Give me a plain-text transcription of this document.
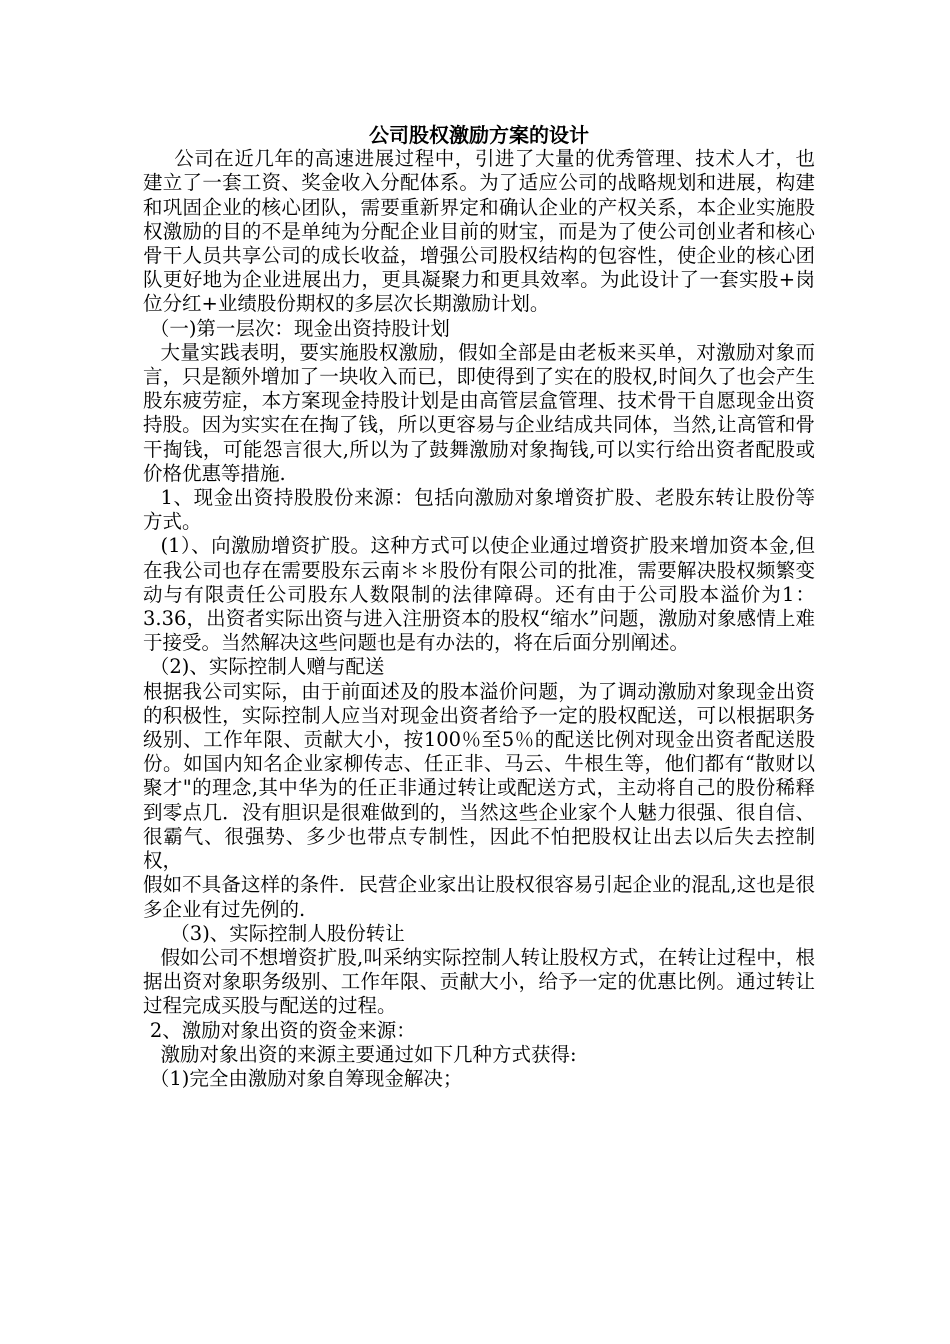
公司股权激励方案的设计

公司在近几年的高速进展过程中，引进了大量的优秀管理、技术人才，也建立了一套工资、奖金收入分配体系。为了适应公司的战略规划和进展，构建和巩固企业的核心团队，需要重新界定和确认企业的产权关系，本企业实施股权激励的目的不是单纯为分配企业目前的财宝，而是为了使公司创业者和核心骨干人员共享公司的成长收益，增强公司股权结构的包容性，使企业的核心团队更好地为企业进展出力，更具凝聚力和更具效率。为此设计了一套实股+岗位分红+业绩股份期权的多层次长期激励计划。

（一)第一层次：现金出资持股计划

大量实践表明，要实施股权激励，假如全部是由老板来买单，对激励对象而言，只是额外增加了一块收入而已，即使得到了实在的股权,时间久了也会产生股东疲劳症，本方案现金持股计划是由高管层盒管理、技术骨干自愿现金出资持股。因为实实在在掏了钱，所以更容易与企业结成共同体，当然,让高管和骨干掏钱，可能怨言很大,所以为了鼓舞激励对象掏钱,可以实行给出资者配股或价格优惠等措施.

1、现金出资持股股份来源：包括向激励对象增资扩股、老股东转让股份等方式。

(1）、向激励增资扩股。这种方式可以使企业通过增资扩股来增加资本金,但在我公司也存在需要股东云南＊＊股份有限公司的批准，需要解决股权频繁变动与有限责任公司股东人数限制的法律障碍。还有由于公司股本溢价为1：3.36，出资者实际出资与进入注册资本的股权“缩水”问题，激励对象感情上难于接受。当然解决这些问题也是有办法的，将在后面分别阐述。

（2)、实际控制人赠与配送

根据我公司实际，由于前面述及的股本溢价问题，为了调动激励对象现金出资的积极性，实际控制人应当对现金出资者给予一定的股权配送，可以根据职务级别、工作年限、贡献大小，按100％至5％的配送比例对现金出资者配送股份。如国内知名企业家柳传志、任正非、马云、牛根生等，他们都有“散财以聚才"的理念,其中华为的任正非通过转让或配送方式，主动将自己的股份稀释到零点几．没有胆识是很难做到的，当然这些企业家个人魅力很强、很自信、很霸气、很强势、多少也带点专制性，因此不怕把股权让出去以后失去控制权，

假如不具备这样的条件．民营企业家出让股权很容易引起企业的混乱,这也是很多企业有过先例的.

（3)、实际控制人股份转让

假如公司不想增资扩股,叫采纳实际控制人转让股权方式，在转让过程中，根据出资对象职务级别、工作年限、贡献大小，给予一定的优惠比例。通过转让过程完成买股与配送的过程。

2、激励对象出资的资金来源：

激励对象出资的来源主要通过如下几种方式获得:

（1)完全由激励对象自筹现金解决；
